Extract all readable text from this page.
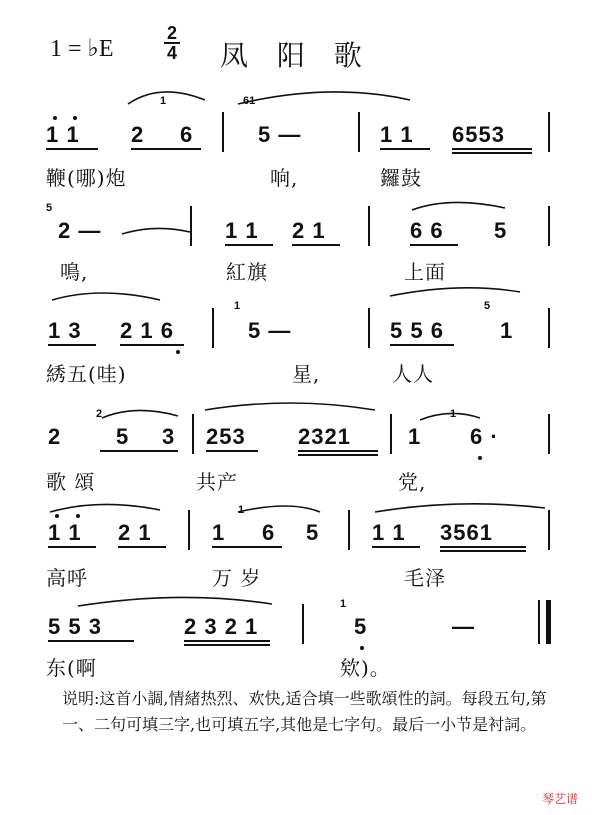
1 = ♭E
2
4 凤 阳 歌
1 1 2
1
6
61
5 —	1 1 6553
鞭(哪)炮	响,	鑼鼓
5
2 —	1 1 2 1	6 6 5
鳴,	紅旗	上面
1 3 2 1 6
1
5 —	5 5 6
5
1
綉五(哇)	星,	人人
2
2
5 3 253 2321	1
1
6 ·
歌 頌	共产	党,
1 1 2 1	1
1
6 5 1 1 3561
高呼	万 岁	毛泽
5 5 3	2 3 2 1
1
5	—
东(啊	欸)。
说明:这首小調,情緒热烈、欢快,适合填一些歌頌性的詞。每段五句,第一、二句可填三字,也可填五字,其他是七字句。最后一小节是衬詞。
琴艺谱
